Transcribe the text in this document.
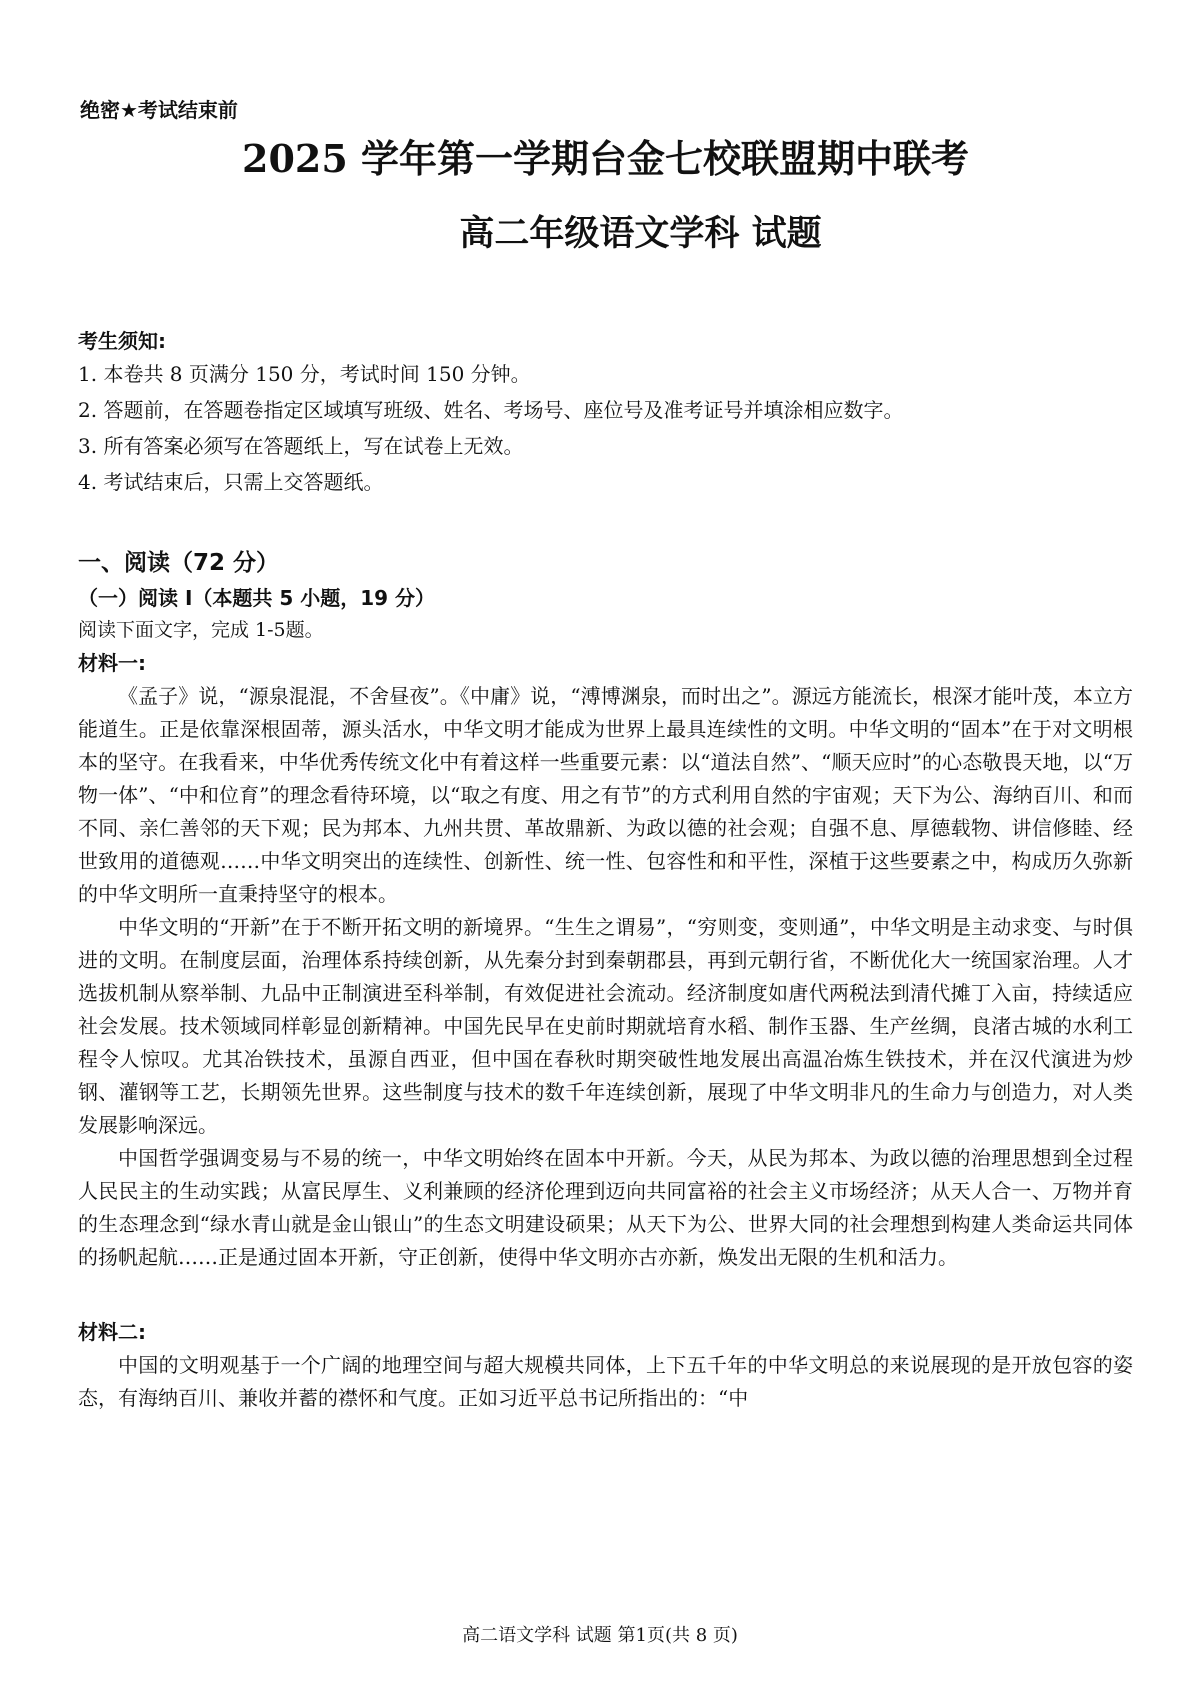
绝密★考试结束前
2025 学年第一学期台金七校联盟期中联考
高二年级语文学科 试题
考生须知:
1. 本卷共 8 页满分 150 分，考试时间 150 分钟。
2. 答题前，在答题卷指定区域填写班级、姓名、考场号、座位号及准考证号并填涂相应数字。
3. 所有答案必须写在答题纸上，写在试卷上无效。
4. 考试结束后，只需上交答题纸。
一、阅读（72 分）
（一）阅读 Ⅰ（本题共 5 小题，19 分）
阅读下面文字，完成 1-5题。
材料一:

《孟子》说，“源泉混混，不舍昼夜”。《中庸》说，“溥博渊泉，而时出之”。源远方能流长，根深才能叶茂，本立方能道生。正是依靠深根固蒂，源头活水，中华文明才能成为世界上最具连续性的文明。中华文明的“固本”在于对文明根本的坚守。在我看来，中华优秀传统文化中有着这样一些重要元素：以“道法自然”、“顺天应时”的心态敬畏天地，以“万物一体”、“中和位育”的理念看待环境，以“取之有度、用之有节”的方式利用自然的宇宙观；天下为公、海纳百川、和而不同、亲仁善邻的天下观；民为邦本、九州共贯、革故鼎新、为政以德的社会观；自强不息、厚德载物、讲信修睦、经世致用的道德观……中华文明突出的连续性、创新性、统一性、包容性和和平性，深植于这些要素之中，构成历久弥新的中华文明所一直秉持坚守的根本。

中华文明的“开新”在于不断开拓文明的新境界。“生生之谓易”，“穷则变，变则通”，中华文明是主动求变、与时俱进的文明。在制度层面，治理体系持续创新，从先秦分封到秦朝郡县，再到元朝行省，不断优化大一统国家治理。人才选拔机制从察举制、九品中正制演进至科举制，有效促进社会流动。经济制度如唐代两税法到清代摊丁入亩，持续适应社会发展。技术领域同样彰显创新精神。中国先民早在史前时期就培育水稻、制作玉器、生产丝绸，良渚古城的水利工程令人惊叹。尤其冶铁技术，虽源自西亚，但中国在春秋时期突破性地发展出高温冶炼生铁技术，并在汉代演进为炒钢、灌钢等工艺，长期领先世界。这些制度与技术的数千年连续创新，展现了中华文明非凡的生命力与创造力，对人类发展影响深远。

中国哲学强调变易与不易的统一，中华文明始终在固本中开新。今天，从民为邦本、为政以德的治理思想到全过程人民民主的生动实践；从富民厚生、义利兼顾的经济伦理到迈向共同富裕的社会主义市场经济；从天人合一、万物并育的生态理念到“绿水青山就是金山银山”的生态文明建设硕果；从天下为公、世界大同的社会理想到构建人类命运共同体的扬帆起航……正是通过固本开新，守正创新，使得中华文明亦古亦新，焕发出无限的生机和活力。

材料二:

中国的文明观基于一个广阔的地理空间与超大规模共同体，上下五千年的中华文明总的来说展现的是开放包容的姿态，有海纳百川、兼收并蓄的襟怀和气度。正如习近平总书记所指出的：“中

高二语文学科 试题 第1页(共 8 页)
